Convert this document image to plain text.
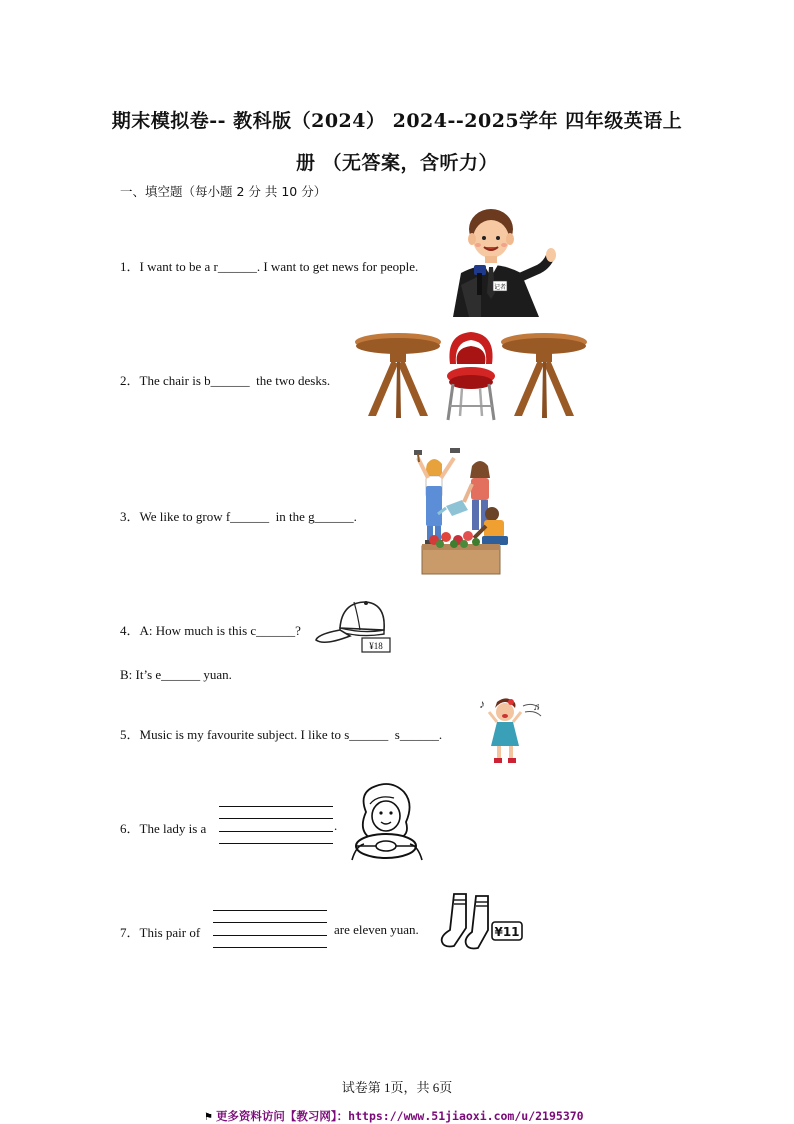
期末模拟卷-- 教科版（2024） 2024--2025学年 四年级英语上
册 （无答案，含听力）
一、填空题（每小题 2 分 共 10 分）
1．I want to be a r______. I want to get news for people.
记者
2．The chair is b______  the two desks.
3．We like to grow f______  in the g______.
4．A: How much is this c______?
¥18
B: It’s e______ yuan.
5．Music is my favourite subject. I like to s______  s______.
♪	♫
6．The lady is a	.
7．This pair of	are eleven yuan.	¥11
试卷第 1页，共 6页
⚑ 更多资料访问【教习网】：https://www.51jiaoxi.com/u/2195370
